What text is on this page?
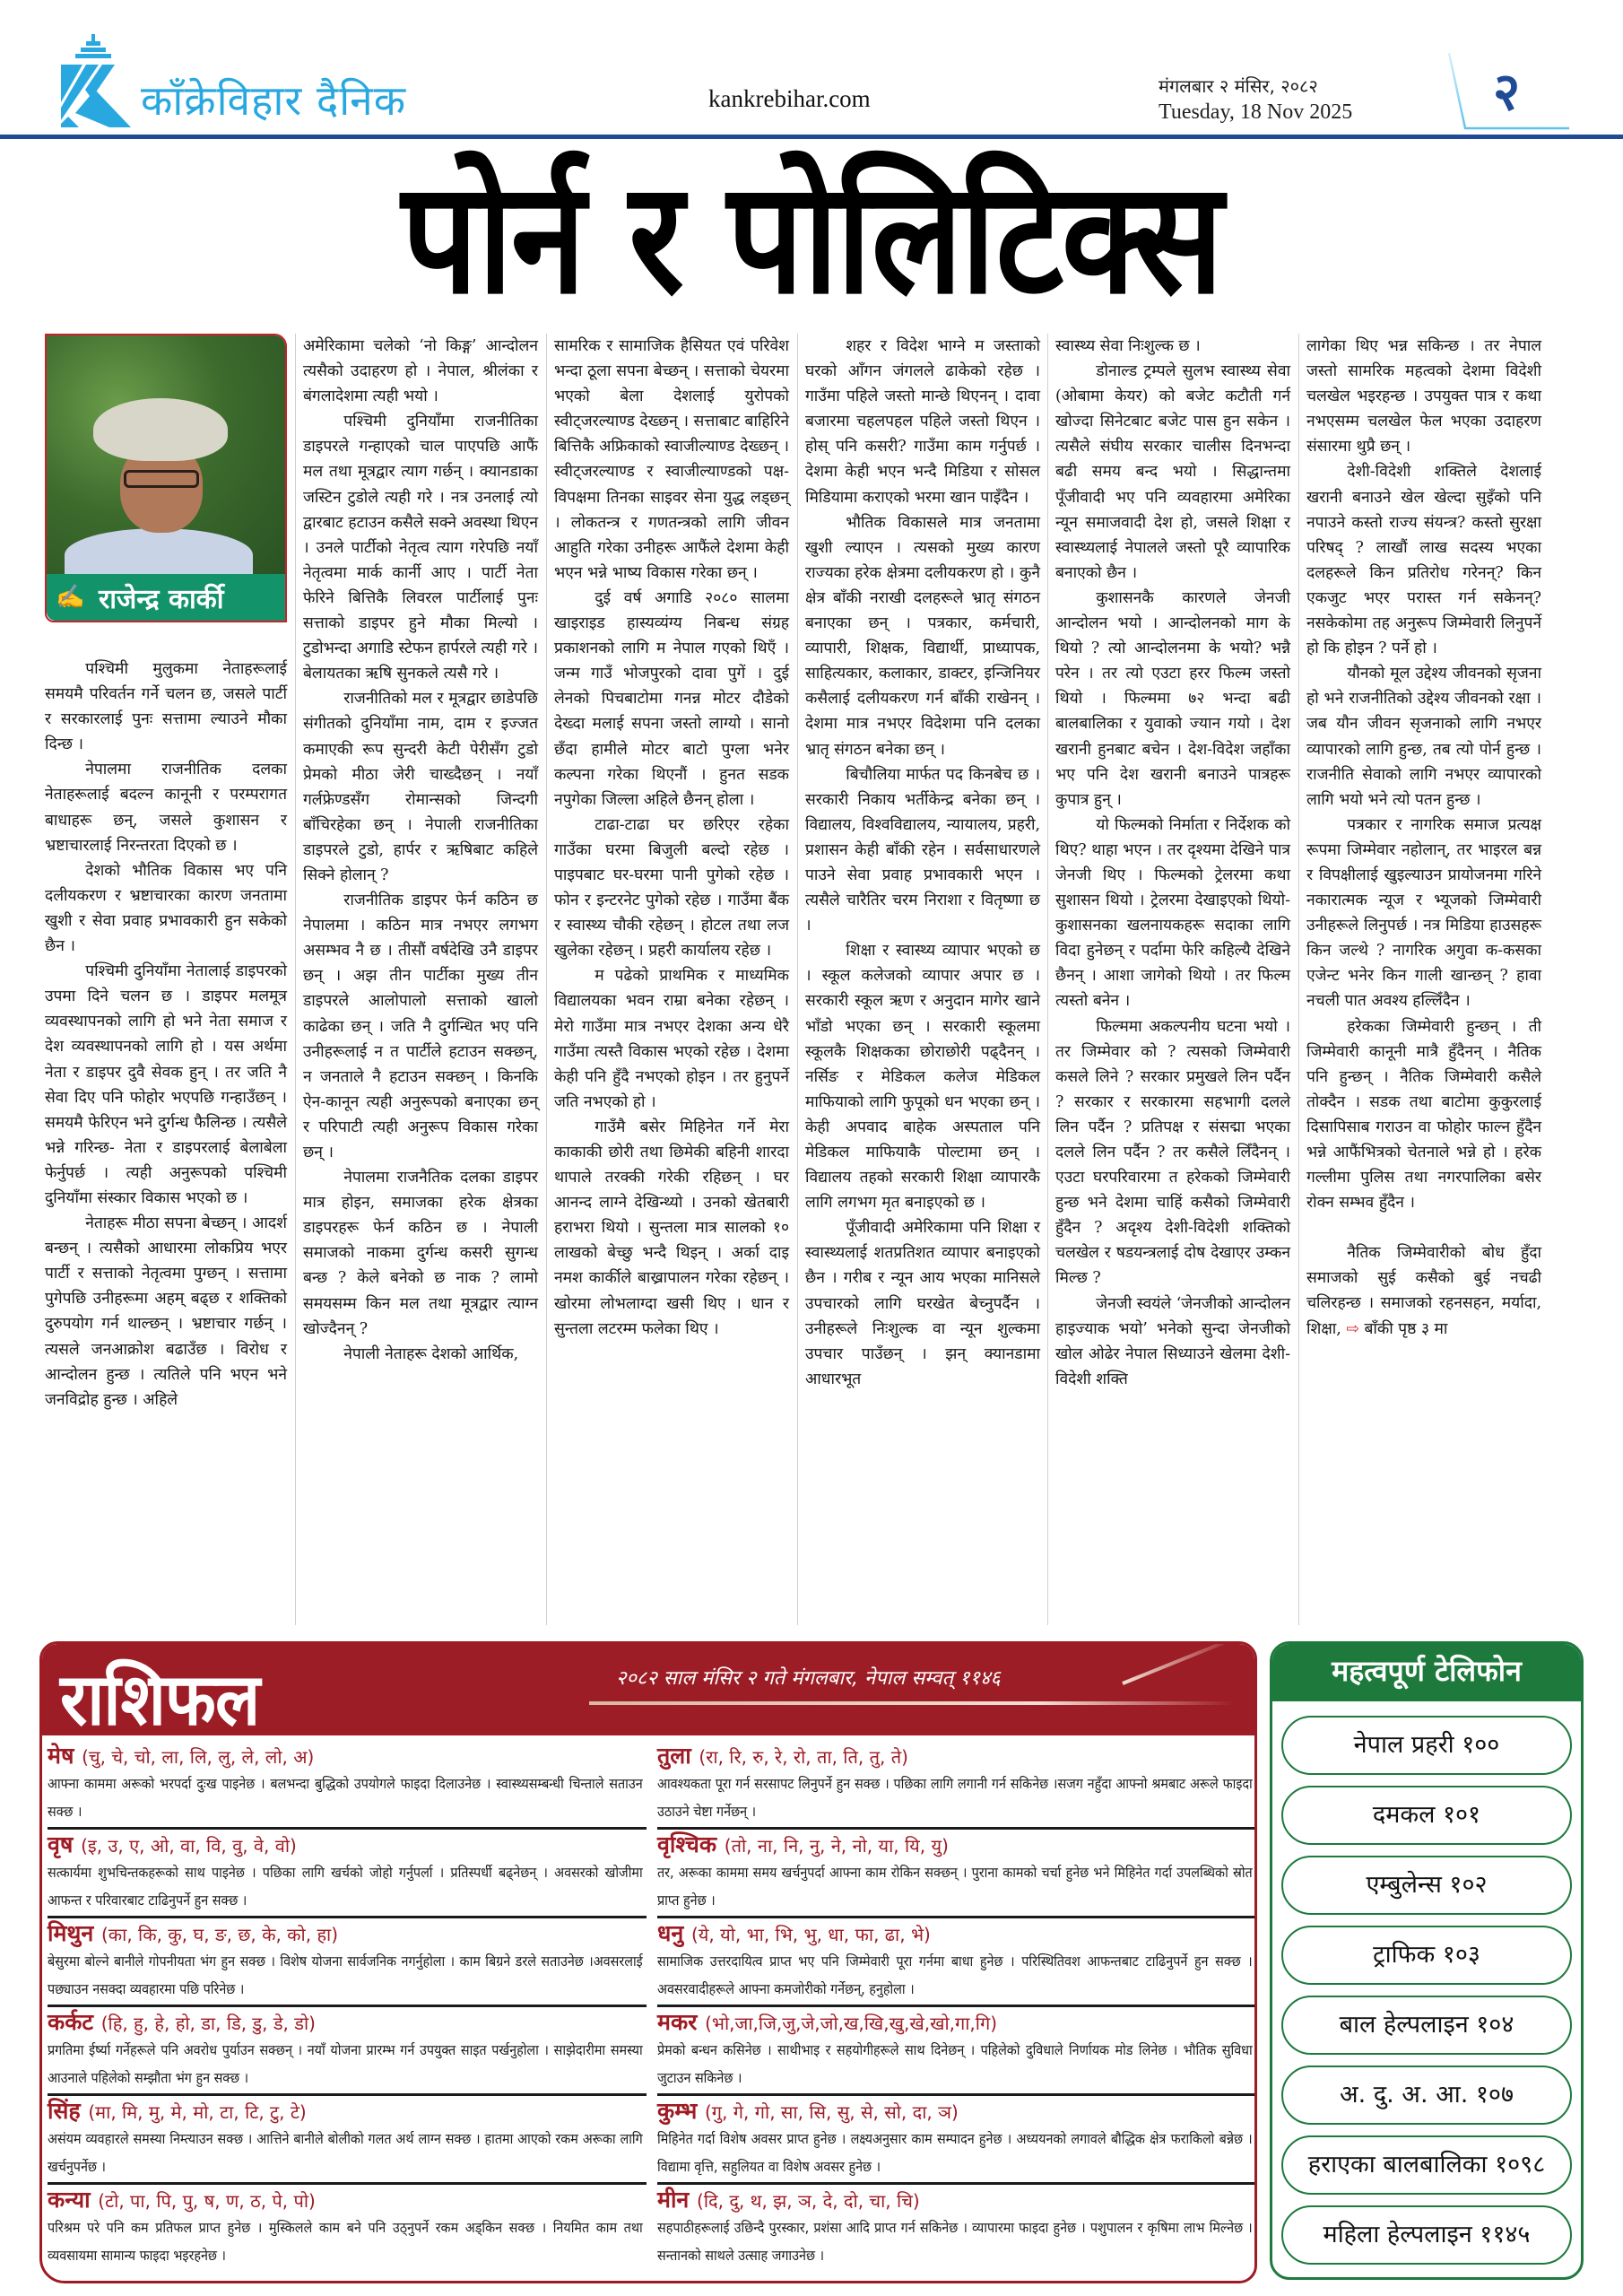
काँक्रेविहार दैनिक	kankrebihar.com	मंगलबार २ मंसिर, २०८२
Tuesday, 18 Nov 2025	२
पोर्न र पोलिटिक्स
✍ राजेन्द्र कार्की

पश्चिमी मुलुकमा नेताहरूलाई समयमै परिवर्तन गर्ने चलन छ, जसले पार्टी र सरकारलाई पुनः सत्तामा ल्याउने मौका दिन्छ ।

नेपालमा राजनीतिक दलका नेताहरूलाई बदल्न कानूनी र परम्परागत बाधाहरू छन्, जसले कुशासन र भ्रष्टाचारलाई निरन्तरता दिएको छ ।

देशको भौतिक विकास भए पनि दलीयकरण र भ्रष्टाचारका कारण जनतामा खुशी र सेवा प्रवाह प्रभावकारी हुन सकेको छैन ।

पश्चिमी दुनियाँमा नेतालाई डाइपरको उपमा दिने चलन छ । डाइपर मलमूत्र व्यवस्थापनको लागि हो भने नेता समाज र देश व्यवस्थापनको लागि हो । यस अर्थमा नेता र डाइपर दुवै सेवक हुन् । तर जति नै सेवा दिए पनि फोहोर भएपछि गन्हाउँछन् । समयमै फेरिएन भने दुर्गन्ध फैलिन्छ । त्यसैले भन्ने गरिन्छ- नेता र डाइपरलाई बेलाबेला फेर्नुपर्छ । त्यही अनुरूपको पश्चिमी दुनियाँमा संस्कार विकास भएको छ ।

नेताहरू मीठा सपना बेच्छन् । आदर्श बन्छन् । त्यसैको आधारमा लोकप्रिय भएर पार्टी र सत्ताको नेतृत्वमा पुग्छन् । सत्तामा पुगेपछि उनीहरूमा अहम् बढ्छ र शक्तिको दुरुपयोग गर्न थाल्छन् । भ्रष्टाचार गर्छन् । त्यसले जनआक्रोश बढाउँछ । विरोध र आन्दोलन हुन्छ । त्यतिले पनि भएन भने जनविद्रोह हुन्छ । अहिले

अमेरिकामा चलेको ‘नो किङ्ग’ आन्दोलन त्यसैको उदाहरण हो । नेपाल, श्रीलंका र बंगलादेशमा त्यही भयो ।

पश्चिमी दुनियाँमा राजनीतिका डाइपरले गन्हाएको चाल पाएपछि आफैं मल तथा मूत्रद्वार त्याग गर्छन् । क्यानडाका जस्टिन टुडोले त्यही गरे । नत्र उनलाई त्यो द्वारबाट हटाउन कसैले सक्ने अवस्था थिएन । उनले पार्टीको नेतृत्व त्याग गरेपछि नयाँ नेतृत्वमा मार्क कार्नी आए । पार्टी नेता फेरिने बित्तिकै लिवरल पार्टीलाई पुनः सत्ताको डाइपर हुने मौका मिल्यो । टुडोभन्दा अगाडि स्टेफन हार्परले त्यही गरे । बेलायतका ऋषि सुनकले त्यसै गरे ।

राजनीतिको मल र मूत्रद्वार छाडेपछि संगीतको दुनियाँमा नाम, दाम र इज्जत कमाएकी रूप सुन्दरी केटी पेरीसँग टुडो प्रेमको मीठा जेरी चाख्दैछन् । नयाँ गर्लफ्रेण्डसँग रोमान्सको जिन्दगी बाँचिरहेका छन् । नेपाली राजनीतिका डाइपरले टुडो, हार्पर र ऋषिबाट कहिले सिक्ने होलान् ?

राजनीतिक डाइपर फेर्न कठिन छ नेपालमा । कठिन मात्र नभएर लगभग असम्भव नै छ । तीसौं वर्षदेखि उनै डाइपर छन् । अझ तीन पार्टीका मुख्य तीन डाइपरले आलोपालो सत्ताको खालो काढेका छन् । जति नै दुर्गन्धित भए पनि उनीहरूलाई न त पार्टीले हटाउन सक्छन्, न जनताले नै हटाउन सक्छन् । किनकि ऐन-कानून त्यही अनुरूपको बनाएका छन् र परिपाटी त्यही अनुरूप विकास गरेका छन् ।

नेपालमा राजनैतिक दलका डाइपर मात्र होइन, समाजका हरेक क्षेत्रका डाइपरहरू फेर्न कठिन छ । नेपाली समाजको नाकमा दुर्गन्ध कसरी सुगन्ध बन्छ ? केले बनेको छ नाक ? लामो समयसम्म किन मल तथा मूत्रद्वार त्याग्न खोज्दैनन् ?

नेपाली नेताहरू देशको आर्थिक,

सामरिक र सामाजिक हैसियत एवं परिवेश भन्दा ठूला सपना बेच्छन् । सत्ताको चेयरमा भएको बेला देशलाई युरोपको स्वीट्जरल्याण्ड देख्छन् । सत्ताबाट बाहिरिने बित्तिकै अफ्रिकाको स्वाजील्याण्ड देख्छन् । स्वीट्जरल्याण्ड र स्वाजील्याण्डको पक्ष-विपक्षमा तिनका साइवर सेना युद्ध लड्छन् । लोकतन्त्र र गणतन्त्रको लागि जीवन आहुति गरेका उनीहरू आफैंले देशमा केही भएन भन्ने भाष्य विकास गरेका छन् ।

दुई वर्ष अगाडि २०८० सालमा खाइराइड हास्यव्यंग्य निबन्ध संग्रह प्रकाशनको लागि म नेपाल गएको थिएँ । जन्म गाउँ भोजपुरको दावा पुगें । दुई लेनको पिचबाटोमा गनन्न मोटर दौडेको देख्दा मलाई सपना जस्तो लाग्यो । सानो छँदा हामीले मोटर बाटो पुग्ला भनेर कल्पना गरेका थिएनौं । हुनत सडक नपुगेका जिल्ला अहिले छैनन् होला ।

टाढा-टाढा घर छरिएर रहेका गाउँका घरमा बिजुली बल्दो रहेछ । पाइपबाट घर-घरमा पानी पुगेको रहेछ । फोन र इन्टरनेट पुगेको रहेछ । गाउँमा बैंक र स्वास्थ्य चौकी रहेछन् । होटल तथा लज खुलेका रहेछन् । प्रहरी कार्यालय रहेछ ।

म पढेको प्राथमिक र माध्यमिक विद्यालयका भवन राम्रा बनेका रहेछन् । मेरो गाउँमा मात्र नभएर देशका अन्य धेरै गाउँमा त्यस्तै विकास भएको रहेछ । देशमा केही पनि हुँदै नभएको होइन । तर हुनुपर्ने जति नभएको हो ।

गाउँमै बसेर मिहिनेत गर्ने मेरा काकाकी छोरी तथा छिमेकी बहिनी शारदा थापाले तरक्की गरेकी रहिछन् । घर आनन्द लाग्ने देखिन्थ्यो । उनको खेतबारी हराभरा थियो । सुन्तला मात्र सालको १० लाखको बेच्छु भन्दै थिइन् । अर्का दाइ नमश कार्कीले बाख्रापालन गरेका रहेछन् । खोरमा लोभलाग्दा खसी थिए । धान र सुन्तला लटरम्म फलेका थिए ।

शहर र विदेश भाग्ने म जस्ताको घरको आँगन जंगलले ढाकेको रहेछ । गाउँमा पहिले जस्तो मान्छे थिएनन् । दावा बजारमा चहलपहल पहिले जस्तो थिएन । होस् पनि कसरी? गाउँमा काम गर्नुपर्छ । देशमा केही भएन भन्दै मिडिया र सोसल मिडियामा कराएको भरमा खान पाइँदैन ।

भौतिक विकासले मात्र जनतामा खुशी ल्याएन । त्यसको मुख्य कारण राज्यका हरेक क्षेत्रमा दलीयकरण हो । कुनै क्षेत्र बाँकी नराखी दलहरूले भ्रातृ संगठन बनाएका छन् । पत्रकार, कर्मचारी, व्यापारी, शिक्षक, विद्यार्थी, प्राध्यापक, साहित्यकार, कलाकार, डाक्टर, इन्जिनियर कसैलाई दलीयकरण गर्न बाँकी राखेनन् । देशमा मात्र नभएर विदेशमा पनि दलका भ्रातृ संगठन बनेका छन् ।

बिचौलिया मार्फत पद किनबेच छ । सरकारी निकाय भर्तीकेन्द्र बनेका छन् । विद्यालय, विश्वविद्यालय, न्यायालय, प्रहरी, प्रशासन केही बाँकी रहेन । सर्वसाधारणले पाउने सेवा प्रवाह प्रभावकारी भएन । त्यसैले चारैतिर चरम निराशा र वितृष्णा छ ।

शिक्षा र स्वास्थ्य व्यापार भएको छ । स्कूल कलेजको व्यापार अपार छ । सरकारी स्कूल ऋण र अनुदान मागेर खाने भाँडो भएका छन् । सरकारी स्कूलमा स्कूलकै शिक्षकका छोराछोरी पढ्दैनन् । नर्सिङ र मेडिकल कलेज मेडिकल माफियाको लागि फुपूको धन भएका छन् । केही अपवाद बाहेक अस्पताल पनि मेडिकल माफियाकै पोल्टामा छन् । विद्यालय तहको सरकारी शिक्षा व्यापारकै लागि लगभग मृत बनाइएको छ ।

पूँजीवादी अमेरिकामा पनि शिक्षा र स्वास्थ्यलाई शतप्रतिशत व्यापार बनाइएको छैन । गरीब र न्यून आय भएका मानिसले उपचारको लागि घरखेत बेच्नुपर्दैन । उनीहरूले निःशुल्क वा न्यून शुल्कमा उपचार पाउँछन् । झन् क्यानडामा आधारभूत

स्वास्थ्य सेवा निःशुल्क छ ।

डोनाल्ड ट्रम्पले सुलभ स्वास्थ्य सेवा (ओबामा केयर) को बजेट कटौती गर्न खोज्दा सिनेटबाट बजेट पास हुन सकेन । त्यसैले संघीय सरकार चालीस दिनभन्दा बढी समय बन्द भयो । सिद्धान्तमा पूँजीवादी भए पनि व्यवहारमा अमेरिका न्यून समाजवादी देश हो, जसले शिक्षा र स्वास्थ्यलाई नेपालले जस्तो पूरै व्यापारिक बनाएको छैन ।

कुशासनकै कारणले जेनजी आन्दोलन भयो । आन्दोलनको माग के थियो ? त्यो आन्दोलनमा के भयो? भन्नै परेन । तर त्यो एउटा हरर फिल्म जस्तो थियो । फिल्ममा ७२ भन्दा बढी बालबालिका र युवाको ज्यान गयो । देश खरानी हुनबाट बचेन । देश-विदेश जहाँका भए पनि देश खरानी बनाउने पात्रहरू कुपात्र हुन् ।

यो फिल्मको निर्माता र निर्देशक को थिए? थाहा भएन । तर दृश्यमा देखिने पात्र जेनजी थिए । फिल्मको ट्रेलरमा कथा सुशासन थियो । ट्रेलरमा देखाइएको थियो- कुशासनका खलनायकहरू सदाका लागि विदा हुनेछन् र पर्दामा फेरि कहिल्यै देखिने छैनन् । आशा जागेको थियो । तर फिल्म त्यस्तो बनेन ।

फिल्ममा अकल्पनीय घटना भयो । तर जिम्मेवार को ? त्यसको जिम्मेवारी कसले लिने ? सरकार प्रमुखले लिन पर्दैन ? सरकार र सरकारमा सहभागी दलले लिन पर्दैन ? प्रतिपक्ष र संसद्मा भएका दलले लिन पर्दैन ? तर कसैले लिँदैनन् । एउटा घरपरिवारमा त हरेकको जिम्मेवारी हुन्छ भने देशमा चाहिं कसैको जिम्मेवारी हुँदैन ? अदृश्य देशी-विदेशी शक्तिको चलखेल र षडयन्त्रलाई दोष देखाएर उम्कन मिल्छ ?

जेनजी स्वयंले ‘जेनजीको आन्दोलन हाइज्याक भयो’ भनेको सुन्दा जेनजीको खोल ओढेर नेपाल सिध्याउने खेलमा देशी-विदेशी शक्ति

लागेका थिए भन्न सकिन्छ । तर नेपाल जस्तो सामरिक महत्वको देशमा विदेशी चलखेल भइरहन्छ । उपयुक्त पात्र र कथा नभएसम्म चलखेल फेल भएका उदाहरण संसारमा थुप्रै छन् ।

देशी-विदेशी शक्तिले देशलाई खरानी बनाउने खेल खेल्दा सुइँको पनि नपाउने कस्तो राज्य संयन्त्र? कस्तो सुरक्षा परिषद् ? लाखौं लाख सदस्य भएका दलहरूले किन प्रतिरोध गरेनन्? किन एकजुट भएर परास्त गर्न सकेनन्? नसकेकोमा तह अनुरूप जिम्मेवारी लिनुपर्ने हो कि होइन ? पर्ने हो ।

यौनको मूल उद्देश्य जीवनको सृजना हो भने राजनीतिको उद्देश्य जीवनको रक्षा । जब यौन जीवन सृजनाको लागि नभएर व्यापारको लागि हुन्छ, तब त्यो पोर्न हुन्छ । राजनीति सेवाको लागि नभएर व्यापारको लागि भयो भने त्यो पतन हुन्छ ।

पत्रकार र नागरिक समाज प्रत्यक्ष रूपमा जिम्मेवार नहोलान्, तर भाइरल बन्न र विपक्षीलाई खुइल्याउन प्रायोजनमा गरिने नकारात्मक न्यूज र भ्यूजको जिम्मेवारी उनीहरूले लिनुपर्छ । नत्र मिडिया हाउसहरू किन जल्थे ? नागरिक अगुवा क-कसका एजेन्ट भनेर किन गाली खान्छन् ? हावा नचली पात अवश्य हल्लिँदैन ।

हरेकका जिम्मेवारी हुन्छन् । ती जिम्मेवारी कानूनी मात्रै हुँदैनन् । नैतिक पनि हुन्छन् । नैतिक जिम्मेवारी कसैले तोक्दैन । सडक तथा बाटोमा कुकुरलाई दिसापिसाब गराउन वा फोहोर फाल्न हुँदैन भन्ने आफैंभित्रको चेतनाले भन्ने हो । हरेक गल्लीमा पुलिस तथा नगरपालिका बसेर रोक्न सम्भव हुँदैन ।

नैतिक जिम्मेवारीको बोध हुँदा समाजको सुई कसैको बुई नचढी चलिरहन्छ । समाजको रहनसहन, मर्यादा, शिक्षा, ⇨ बाँकी पृष्ठ ३ मा

राशिफल	२०८२ साल मंसिर २ गते मंगलबार, नेपाल सम्वत् ११४६
मेष (चु, चे, चो, ला, लि, लु, ले, लो, अ)
आफ्ना काममा अरूको भरपर्दा दुःख पाइनेछ । बलभन्दा बुद्धिको उपयोगले फाइदा दिलाउनेछ । स्वास्थ्यसम्बन्धी चिन्ताले सताउन सक्छ ।
वृष (इ, उ, ए, ओ, वा, वि, वु, वे, वो)
सत्कार्यमा शुभचिन्तकहरूको साथ पाइनेछ । पछिका लागि खर्चको जोहो गर्नुपर्ला । प्रतिस्पर्धी बढ्नेछन् । अवसरको खोजीमा आफन्त र परिवारबाट टाढिनुपर्ने हुन सक्छ ।
मिथुन (का, कि, कु, घ, ङ, छ, के, को, हा)
बेसुरमा बोल्ने बानीले गोपनीयता भंग हुन सक्छ । विशेष योजना सार्वजनिक नगर्नुहोला । काम बिग्रने डरले सताउनेछ ।अवसरलाई पछ्याउन नसक्दा व्यवहारमा पछि परिनेछ ।
कर्कट (हि, हु, हे, हो, डा, डि, डु, डे, डो)
प्रगतिमा ईर्ष्या गर्नेहरूले पनि अवरोध पुर्याउन सक्छन् । नयाँ योजना प्रारम्भ गर्न उपयुक्त साइत पर्खनुहोला । साझेदारीमा समस्या आउनाले पहिलेको सम्झौता भंग हुन सक्छ ।
सिंह (मा, मि, मु, मे, मो, टा, टि, टु, टे)
असंयम व्यवहारले समस्या निम्त्याउन सक्छ । आत्तिने बानीले बोलीको गलत अर्थ लाग्न सक्छ । हातमा आएको रकम अरूका लागि खर्चनुपर्नेछ ।
कन्या (टो, पा, पि, पु, ष, ण, ठ, पे, पो)
परिश्रम परे पनि कम प्रतिफल प्राप्त हुनेछ । मुस्किलले काम बने पनि उठ्नुपर्ने रकम अड्किन सक्छ । नियमित काम तथा व्यवसायमा सामान्य फाइदा भइरहनेछ ।
तुला (रा, रि, रु, रे, रो, ता, ति, तु, ते)
आवश्यकता पूरा गर्न सरसापट लिनुपर्ने हुन सक्छ । पछिका लागि लगानी गर्न सकिनेछ ।सजग नहुँदा आफ्नो श्रमबाट अरूले फाइदा उठाउने चेष्टा गर्नेछन् ।
वृश्चिक (तो, ना, नि, नु, ने, नो, या, यि, यु)
तर, अरूका काममा समय खर्चनुपर्दा आफ्ना काम रोकिन सक्छन् । पुराना कामको चर्चा हुनेछ भने मिहिनेत गर्दा उपलब्धिको स्रोत प्राप्त हुनेछ ।
धनु (ये, यो, भा, भि, भु, धा, फा, ढा, भे)
सामाजिक उत्तरदायित्व प्राप्त भए पनि जिम्मेवारी पूरा गर्नमा बाधा हुनेछ । परिस्थितिवश आफन्तबाट टाढिनुपर्ने हुन सक्छ । अवसरवादीहरूले आफ्ना कमजोरीको गर्नेछन्, हनुहोला ।
मकर (भो,जा,जि,जु,जे,जो,ख,खि,खु,खे,खो,गा,गि)
प्रेमको बन्धन कसिनेछ । साथीभाइ र सहयोगीहरूले साथ दिनेछन् । पहिलेको दुविधाले निर्णायक मोड लिनेछ । भौतिक सुविधा जुटाउन सकिनेछ ।
कुम्भ (गु, गे, गो, सा, सि, सु, से, सो, दा, ञ)
मिहिनेत गर्दा विशेष अवसर प्राप्त हुनेछ । लक्ष्यअनुसार काम सम्पादन हुनेछ । अध्ययनको लगावले बौद्धिक क्षेत्र फराकिलो बन्नेछ । विद्यामा वृत्ति, सहुलियत वा विशेष अवसर हुनेछ ।
मीन (दि, दु, थ, झ, ञ, दे, दो, चा, चि)
सहपाठीहरूलाई उछिन्दै पुरस्कार, प्रशंसा आदि प्राप्त गर्न सकिनेछ । व्यापारमा फाइदा हुनेछ । पशुपालन र कृषिमा लाभ मिल्नेछ । सन्तानको साथले उत्साह जगाउनेछ ।
महत्वपूर्ण टेलिफोन
नेपाल प्रहरी १००
दमकल १०१
एम्बुलेन्स १०२
ट्राफिक १०३
बाल हेल्पलाइन १०४
अ. दु. अ. आ. १०७
हराएका बालबालिका १०९८
महिला हेल्पलाइन ११४५
